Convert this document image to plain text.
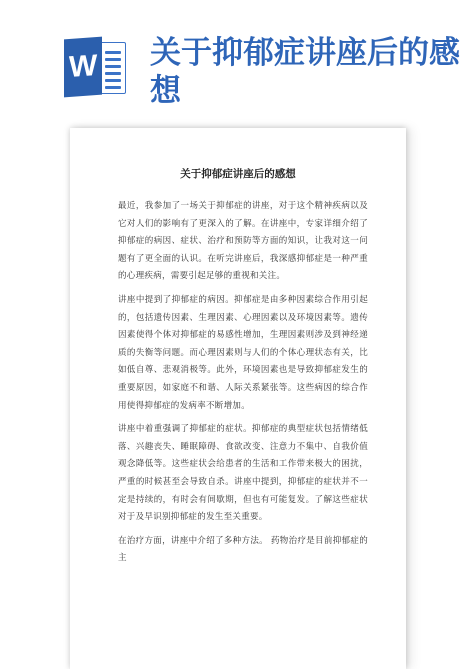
W 关于抑郁症讲座后的感想
关于抑郁症讲座后的感想

最近，我参加了一场关于抑郁症的讲座，对于这个精神疾病以及它对人们的影响有了更深入的了解。在讲座中，专家详细介绍了抑郁症的病因、症状、治疗和预防等方面的知识，让我对这一问题有了更全面的认识。在听完讲座后，我深感抑郁症是一种严重的心理疾病，需要引起足够的重视和关注。

讲座中提到了抑郁症的病因。抑郁症是由多种因素综合作用引起的，包括遗传因素、生理因素、心理因素以及环境因素等。遗传因素使得个体对抑郁症的易感性增加，生理因素则涉及到神经递质的失衡等问题。而心理因素则与人们的个体心理状态有关，比如低自尊、悲观消极等。此外，环境因素也是导致抑郁症发生的重要原因，如家庭不和谐、人际关系紧张等。这些病因的综合作用使得抑郁症的发病率不断增加。

讲座中着重强调了抑郁症的症状。抑郁症的典型症状包括情绪低落、兴趣丧失、睡眠障碍、食欲改变、注意力不集中、自我价值观念降低等。这些症状会给患者的生活和工作带来极大的困扰，严重的时候甚至会导致自杀。讲座中提到，抑郁症的症状并不一定是持续的，有时会有间歇期，但也有可能复发。了解这些症状对于及早识别抑郁症的发生至关重要。

在治疗方面，讲座中介绍了多种方法。 药物治疗是目前抑郁症的主
